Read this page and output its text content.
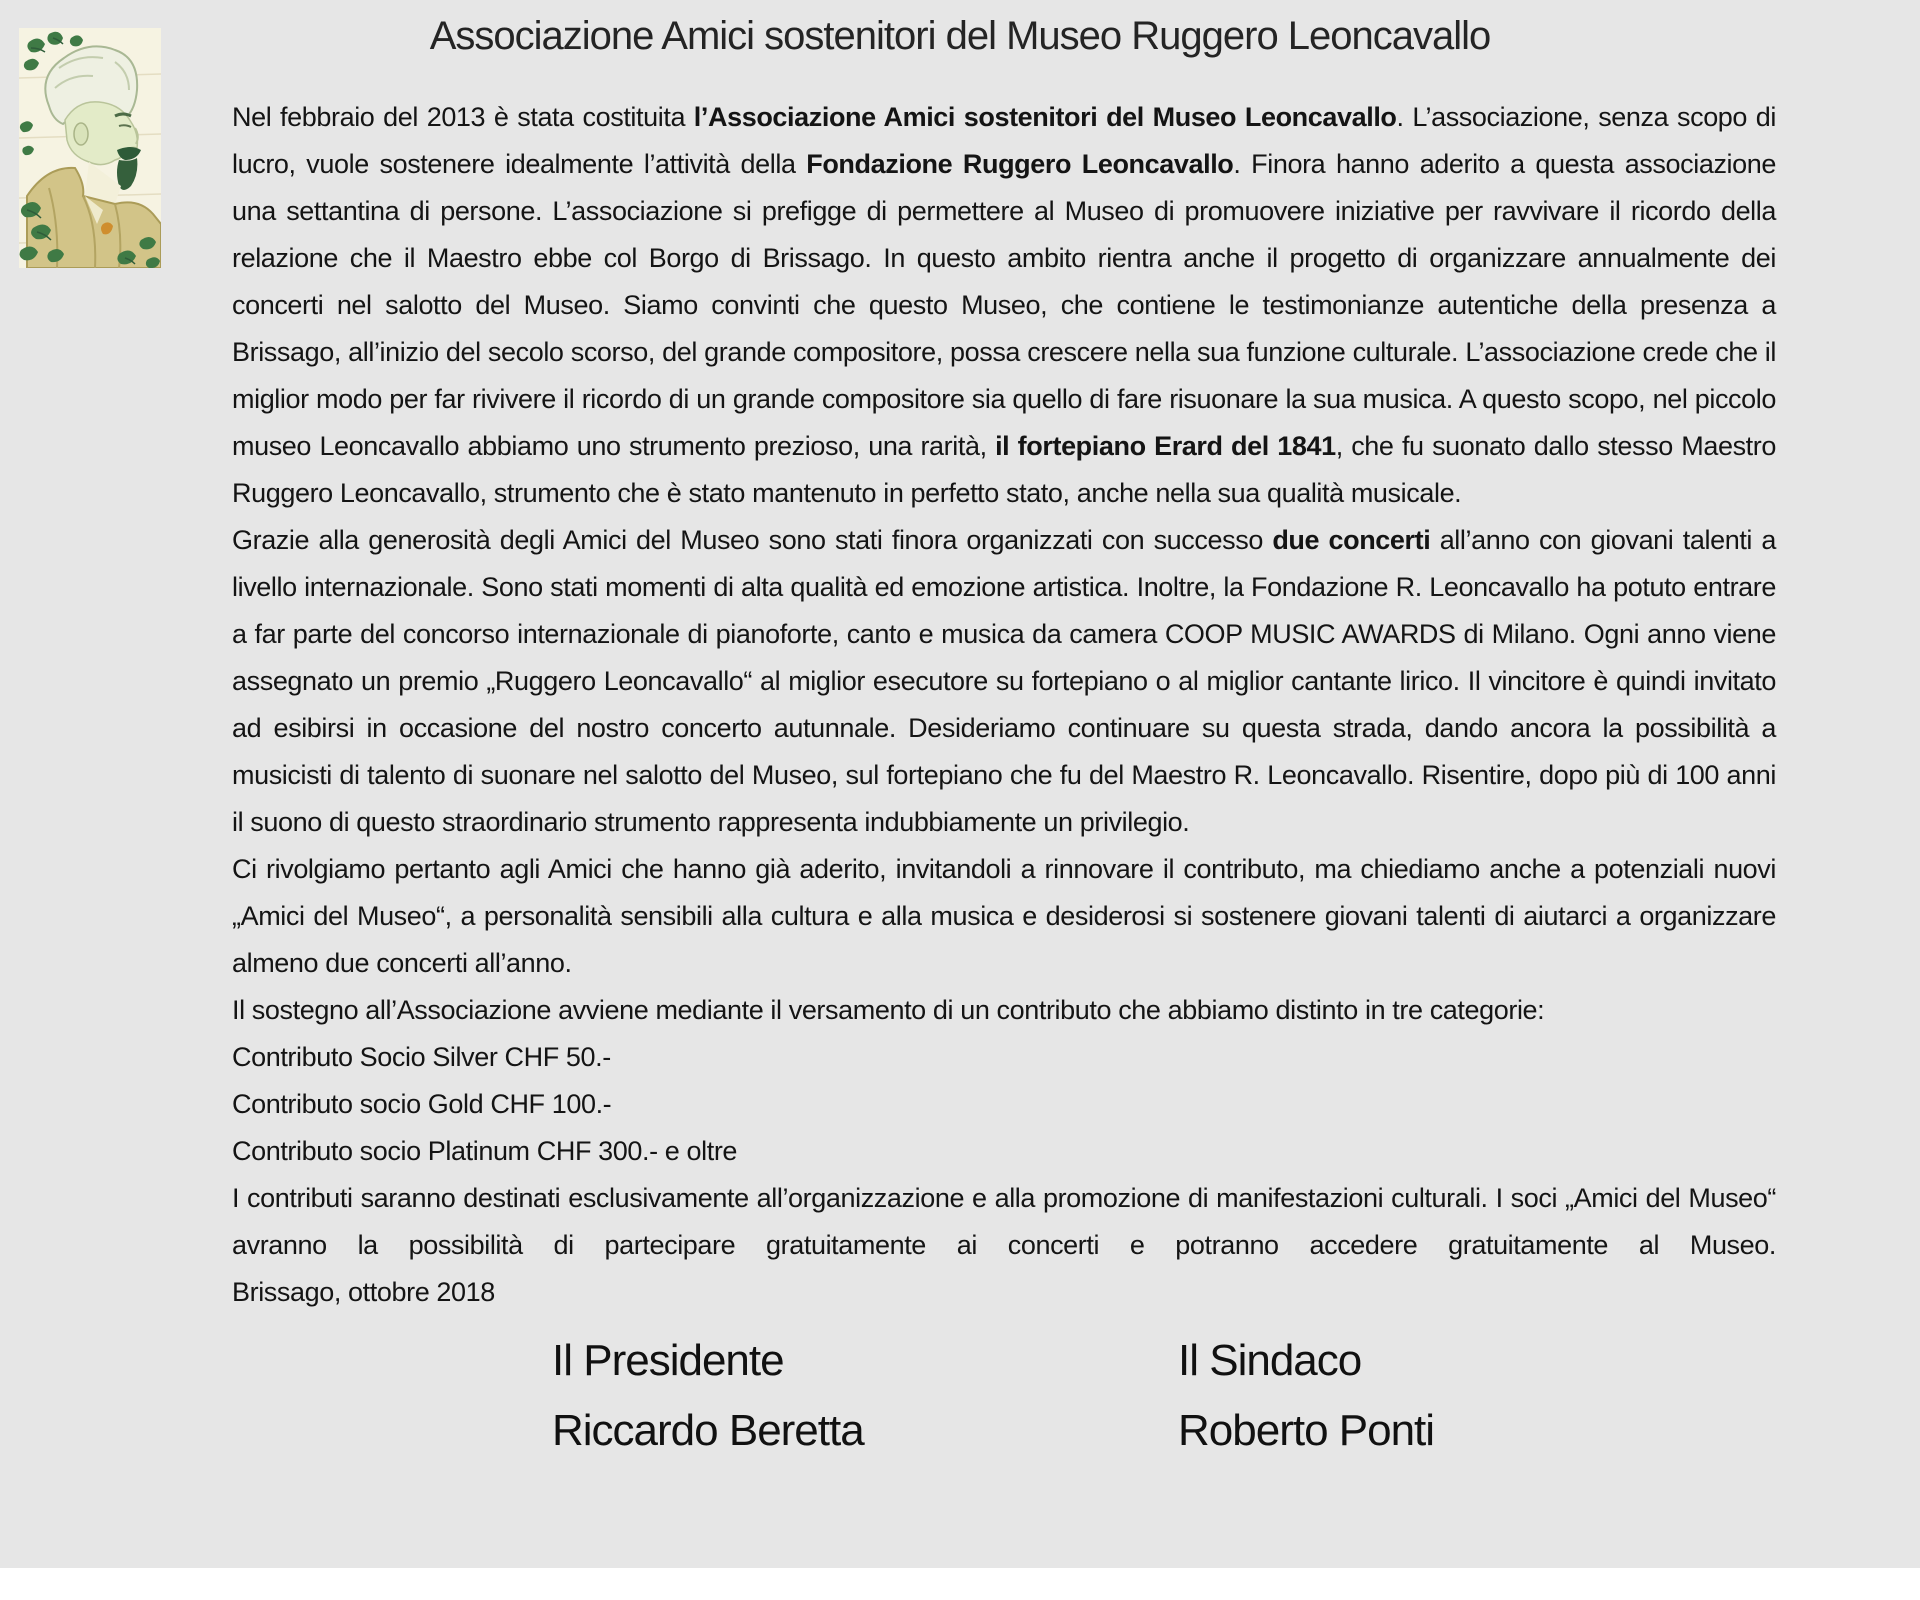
Associazione Amici sostenitori del Museo Ruggero Leoncavallo

Nel febbraio del 2013 è stata costituita l’Associazione Amici sostenitori del Museo Leoncavallo. L’associazione, senza scopo di lucro, vuole sostenere idealmente l’attività della Fondazione Ruggero Leoncavallo. Finora hanno aderito a questa associazione una settantina di persone. L’associazione si prefigge di permettere al Museo di promuovere iniziative per ravvivare il ricordo della relazione che il Maestro ebbe col Borgo di Brissago. In questo ambito rientra anche il progetto di organizzare annualmente dei concerti nel salotto del Museo. Siamo convinti che questo Museo, che contiene le testimonianze autentiche della presenza a Brissago, all’inizio del secolo scorso, del grande compositore, possa crescere nella sua funzione culturale. L’associazione crede che il miglior modo per far rivivere il ricordo di un grande compositore sia quello di fare risuonare la sua musica. A questo scopo, nel piccolo museo Leoncavallo abbiamo uno strumento prezioso, una rarità, il fortepiano Erard del 1841, che fu suonato dallo stesso Maestro Ruggero Leoncavallo, strumento che è stato mantenuto in perfetto stato, anche nella sua qualità musicale.

Grazie alla generosità degli Amici del Museo sono stati finora organizzati con successo due concerti all’anno con giovani talenti a livello internazionale. Sono stati momenti di alta qualità ed emozione artistica. Inoltre, la Fondazione R. Leoncavallo ha potuto entrare a far parte del concorso internazionale di pianoforte, canto e musica da camera COOP MUSIC AWARDS di Milano. Ogni anno viene assegnato un premio „Ruggero Leoncavallo“ al miglior esecutore su fortepiano o al miglior cantante lirico. Il vincitore è quindi invitato ad esibirsi in occasione del nostro concerto autunnale. Desideriamo continuare su questa strada, dando ancora la possibilità a musicisti di talento di suonare nel salotto del Museo, sul fortepiano che fu del Maestro R. Leoncavallo. Risentire, dopo più di 100 anni il suono di questo straordinario strumento rappresenta indubbiamente un privilegio.

Ci rivolgiamo pertanto agli Amici che hanno già aderito, invitandoli a rinnovare il contributo, ma chiediamo anche a potenziali nuovi „Amici del Museo“, a personalità sensibili alla cultura e alla musica e desiderosi si sostenere giovani talenti di aiutarci a organizzare almeno due concerti all’anno.

Il sostegno all’Associazione avviene mediante il versamento di un contributo che abbiamo distinto in tre categorie:

Contributo Socio Silver CHF 50.-

Contributo socio Gold CHF 100.-

Contributo socio Platinum CHF 300.- e oltre

I contributi saranno destinati esclusivamente all’organizzazione e alla promozione di manifestazioni culturali. I soci „Amici del Museo“ avranno la possibilità di partecipare gratuitamente ai concerti e potranno accedere gratuitamente al Museo.

Brissago, ottobre 2018

Il Presidente
Riccardo Beretta
Il Sindaco
Roberto Ponti
